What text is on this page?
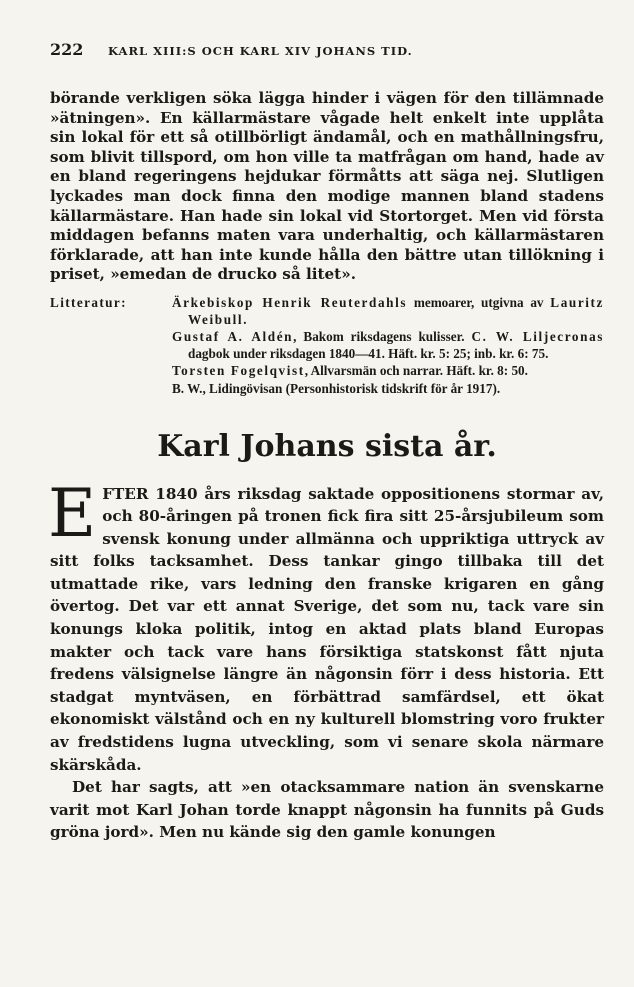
222	KARL XIII:S OCH KARL XIV JOHANS TID.

börande verkligen söka lägga hinder i vägen för den tillämnade »ätningen». En källarmästare vågade helt enkelt inte upplåta sin lokal för ett så otillbörligt ändamål, och en mathållningsfru, som blivit tillspord, om hon ville ta matfrågan om hand, hade av en bland regeringens hejdukar förmåtts att säga nej. Slutligen lyckades man dock finna den modige mannen bland stadens källarmästare. Han hade sin lokal vid Stortorget. Men vid första middagen befanns maten vara underhaltig, och källarmästaren förklarade, att han inte kunde hålla den bättre utan tillökning i priset, »emedan de drucko så litet».

Litteratur:	Ärkebiskop Henrik Reuterdahls memoarer, utgivna av Lauritz Weibull.

Gustaf A. Aldén, Bakom riksdagens kulisser. C. W. Liljecronas dagbok under riksdagen 1840—41. Häft. kr. 5: 25; inb. kr. 6: 75.

Torsten Fogelqvist, Allvarsmän och narrar. Häft. kr. 8: 50.

B. W., Lidingövisan (Personhistorisk tidskrift för år 1917).

Karl Johans sista år.

EFTER 1840 års riksdag saktade oppositionens stormar av, och 80-åringen på tronen fick fira sitt 25-årsjubileum som svensk konung under allmänna och uppriktiga uttryck av sitt folks tacksamhet. Dess tankar gingo tillbaka till det utmattade rike, vars ledning den franske krigaren en gång övertog. Det var ett annat Sverige, det som nu, tack vare sin konungs kloka politik, intog en aktad plats bland Europas makter och tack vare hans försiktiga statskonst fått njuta fredens välsignelse längre än någonsin förr i dess historia. Ett stadgat myntväsen, en förbättrad samfärdsel, ett ökat ekonomiskt välstånd och en ny kulturell blomstring voro frukter av fredstidens lugna utveckling, som vi senare skola närmare skärskåda.

Det har sagts, att »en otacksammare nation än svenskarne varit mot Karl Johan torde knappt någonsin ha funnits på Guds gröna jord». Men nu kände sig den gamle konungen
